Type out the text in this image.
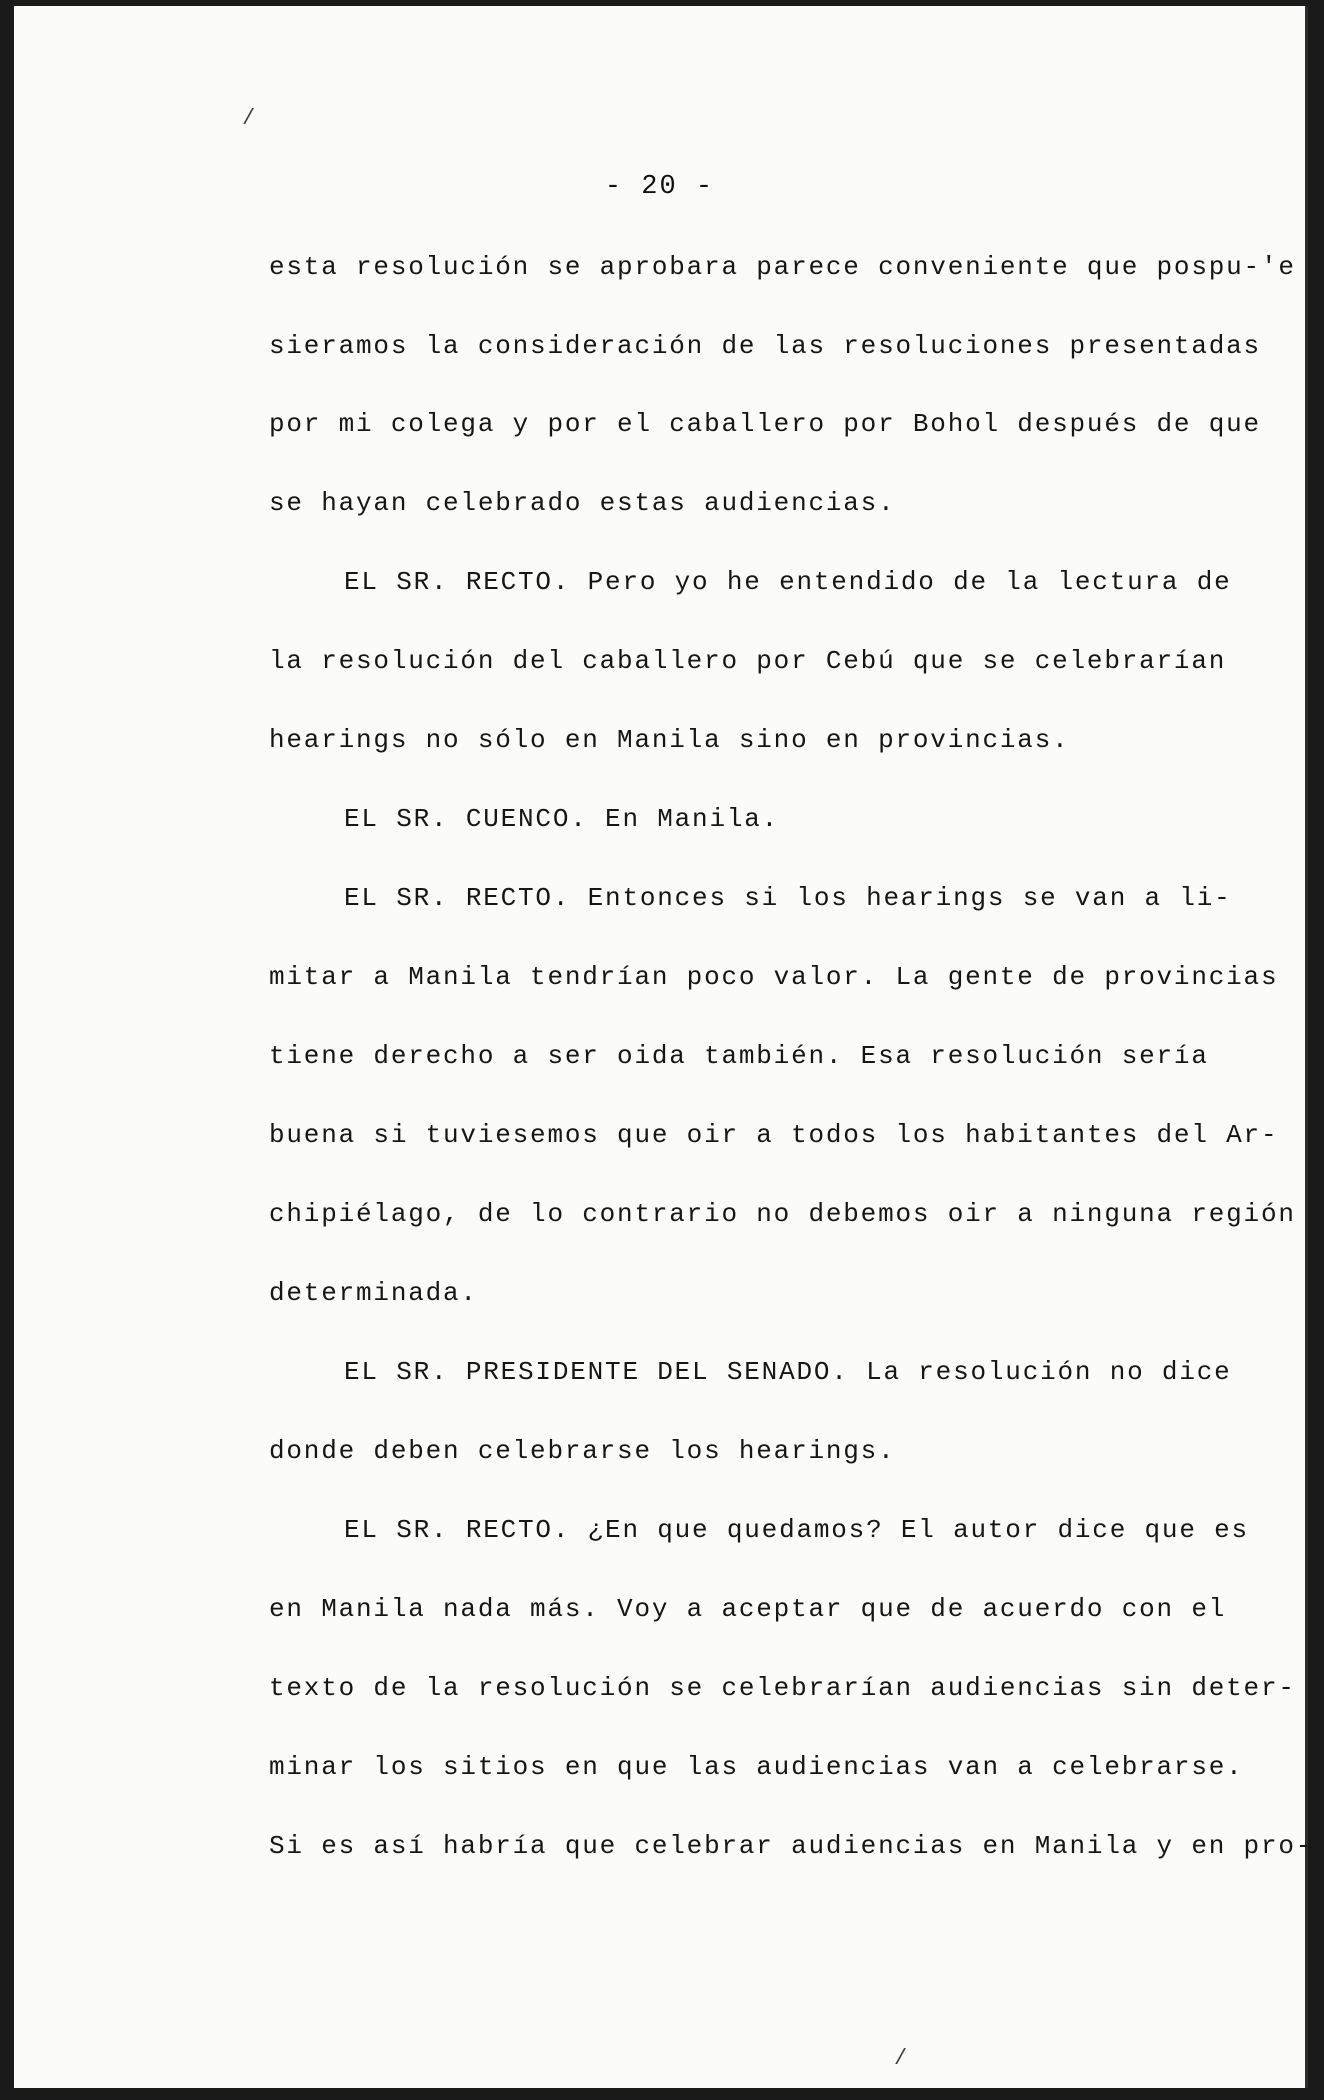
- 20 -
esta resolución se aprobara parece conveniente que pospu-'e
sieramos la consideración de las resoluciones presentadas
por mi colega y por el caballero por Bohol después de que
se hayan celebrado estas audiencias.
EL SR. RECTO. Pero yo he entendido de la lectura de
la resolución del caballero por Cebú que se celebrarían
hearings no sólo en Manila sino en provincias.
EL SR. CUENCO. En Manila.
EL SR. RECTO. Entonces si los hearings se van a li-
mitar a Manila tendrían poco valor. La gente de provincias
tiene derecho a ser oida también. Esa resolución sería
buena si tuviesemos que oir a todos los habitantes del Ar-
chipiélago, de lo contrario no debemos oir a ninguna región
determinada.
EL SR. PRESIDENTE DEL SENADO. La resolución no dice
donde deben celebrarse los hearings.
EL SR. RECTO. ¿En que quedamos? El autor dice que es
en Manila nada más. Voy a aceptar que de acuerdo con el
texto de la resolución se celebrarían audiencias sin deter-
minar los sitios en que las audiencias van a celebrarse.
Si es así habría que celebrar audiencias en Manila y en pro-
/
/
